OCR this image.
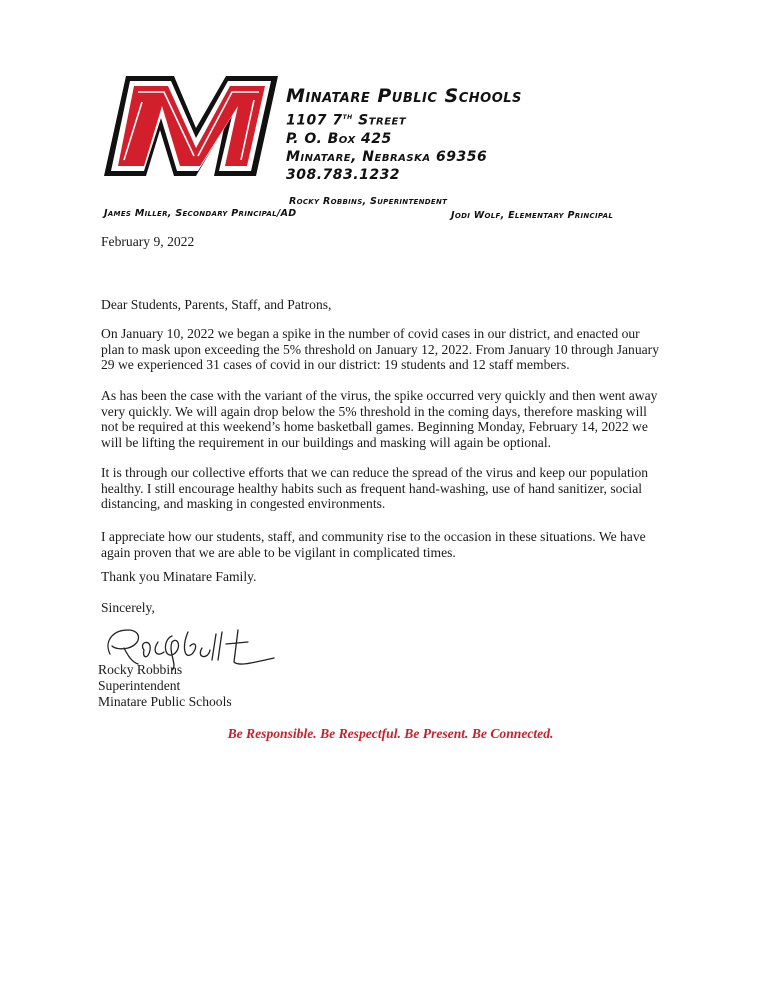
Minatare Public Schools
1107 7th Street
P. O. Box 425
Minatare, Nebraska 69356
308.783.1232
Rocky Robbins, Superintendent
James Miller, Secondary Principal/AD	Jodi Wolf, Elementary Principal
February 9, 2022
Dear Students, Parents, Staff, and Patrons,
On January 10, 2022 we began a spike in the number of covid cases in our district, and enacted our plan to mask upon exceeding the 5% threshold on January 12, 2022. From January 10 through January 29 we experienced 31 cases of covid in our district: 19 students and 12 staff members.
As has been the case with the variant of the virus, the spike occurred very quickly and then went away very quickly. We will again drop below the 5% threshold in the coming days, therefore masking will not be required at this weekend’s home basketball games. Beginning Monday, February 14, 2022 we will be lifting the requirement in our buildings and masking will again be optional.
It is through our collective efforts that we can reduce the spread of the virus and keep our population healthy. I still encourage healthy habits such as frequent hand-washing, use of hand sanitizer, social distancing, and masking in congested environments.
I appreciate how our students, staff, and community rise to the occasion in these situations. We have again proven that we are able to be vigilant in complicated times.
Thank you Minatare Family.
Sincerely,
Rocky Robbins
Superintendent
Minatare Public Schools
Be Responsible. Be Respectful. Be Present. Be Connected.
